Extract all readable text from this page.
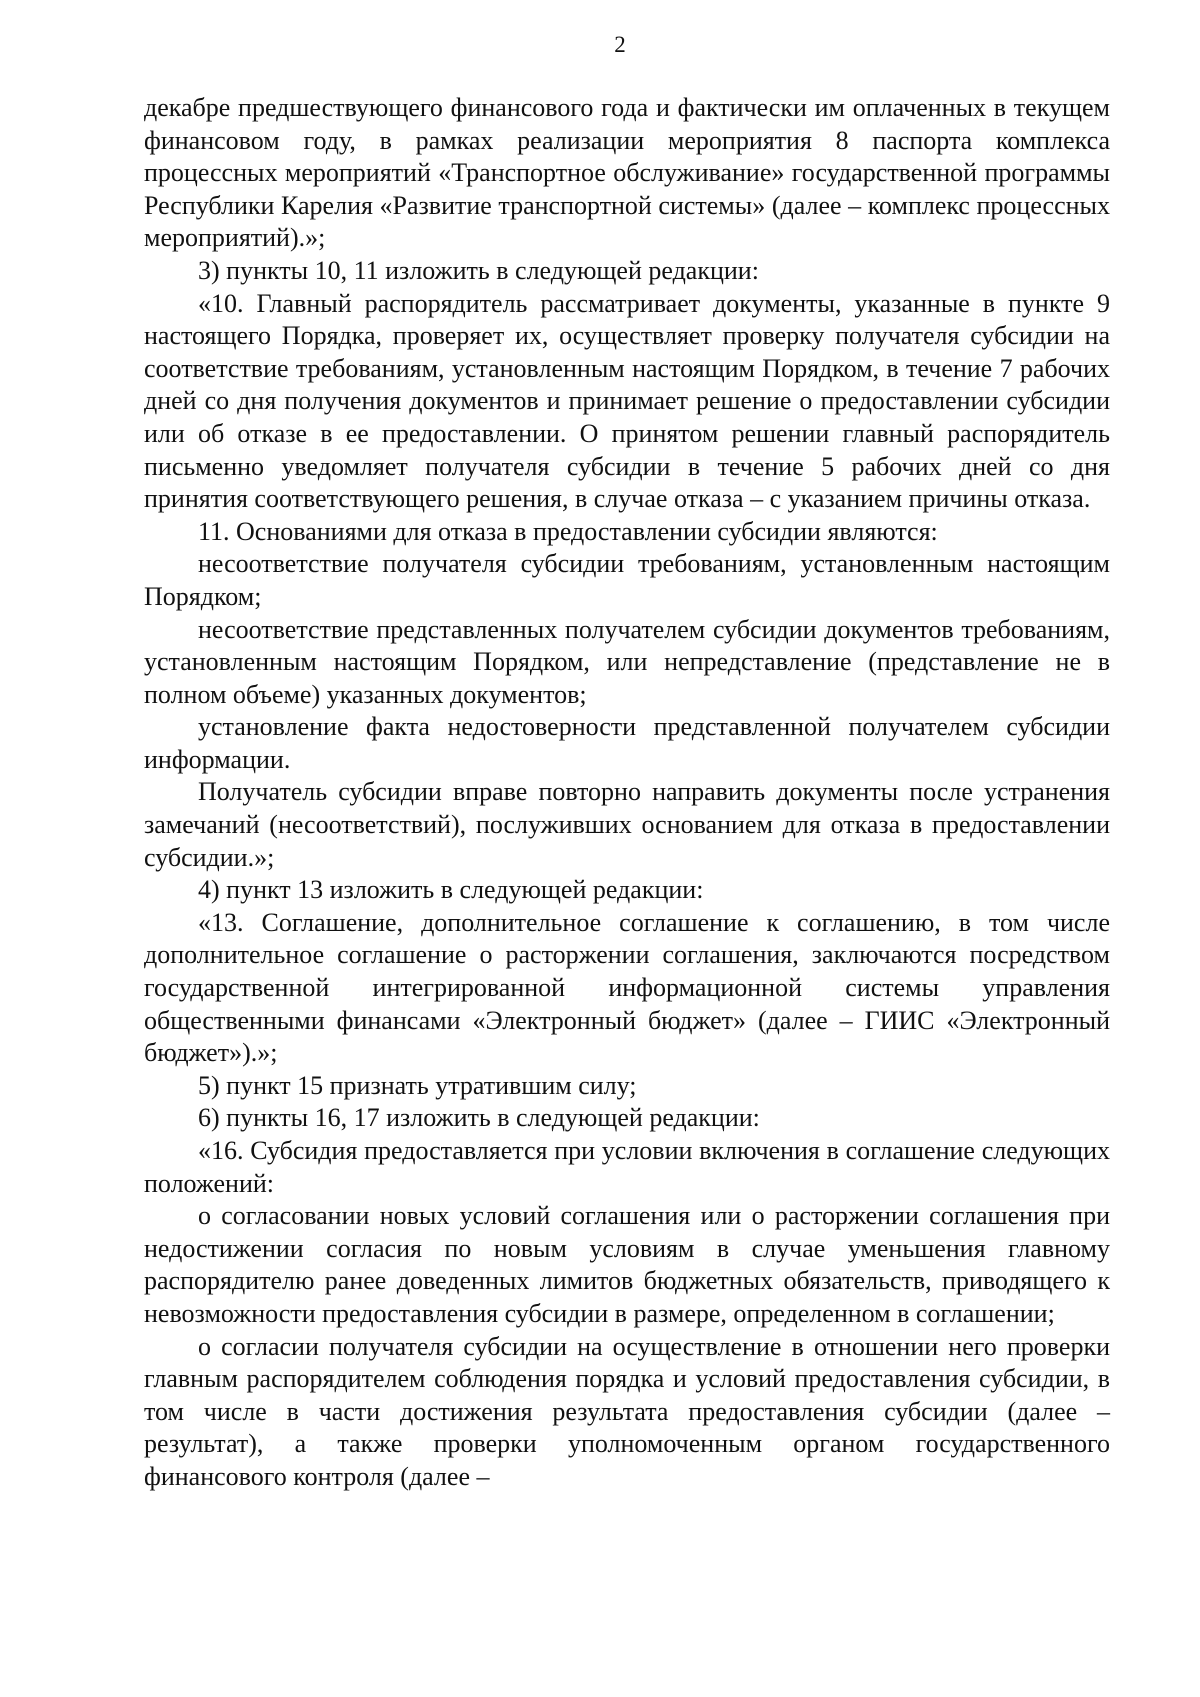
2

декабре предшествующего финансового года и фактически им оплаченных в текущем финансовом году, в рамках реализации мероприятия 8 паспорта комплекса процессных мероприятий «Транспортное обслуживание» государственной программы Республики Карелия «Развитие транспортной системы» (далее – комплекс процессных мероприятий).»;

3) пункты 10, 11 изложить в следующей редакции:

«10. Главный распорядитель рассматривает документы, указанные в пункте 9 настоящего Порядка, проверяет их, осуществляет проверку получателя субсидии на соответствие требованиям, установленным настоящим Порядком, в течение 7 рабочих дней со дня получения документов и принимает решение о предоставлении субсидии или об отказе в ее предоставлении. О принятом решении главный распорядитель письменно уведомляет получателя субсидии в течение 5 рабочих дней со дня принятия соответствующего решения, в случае отказа – с указанием причины отказа.

11. Основаниями для отказа в предоставлении субсидии являются:

несоответствие получателя субсидии требованиям, установленным настоящим Порядком;

несоответствие представленных получателем субсидии документов требованиям, установленным настоящим Порядком, или непредставление (представление не в полном объеме) указанных документов;

установление факта недостоверности представленной получателем субсидии информации.

Получатель субсидии вправе повторно направить документы после устранения замечаний (несоответствий), послуживших основанием для отказа в предоставлении субсидии.»;

4) пункт 13 изложить в следующей редакции:

«13. Соглашение, дополнительное соглашение к соглашению, в том числе дополнительное соглашение о расторжении соглашения, заключаются посредством государственной интегрированной информационной системы управления общественными финансами «Электронный бюджет» (далее – ГИИС «Электронный бюджет»).»;

5) пункт 15 признать утратившим силу;

6) пункты 16, 17 изложить в следующей редакции:

«16. Субсидия предоставляется при условии включения в соглашение следующих положений:

о согласовании новых условий соглашения или о расторжении соглашения при недостижении согласия по новым условиям в случае уменьшения главному распорядителю ранее доведенных лимитов бюджетных обязательств, приводящего к невозможности предоставления субсидии в размере, определенном в соглашении;

о согласии получателя субсидии на осуществление в отношении него проверки главным распорядителем соблюдения порядка и условий предоставления субсидии, в том числе в части достижения результата предоставления субсидии (далее – результат), а также проверки уполномоченным органом государственного финансового контроля (далее –
